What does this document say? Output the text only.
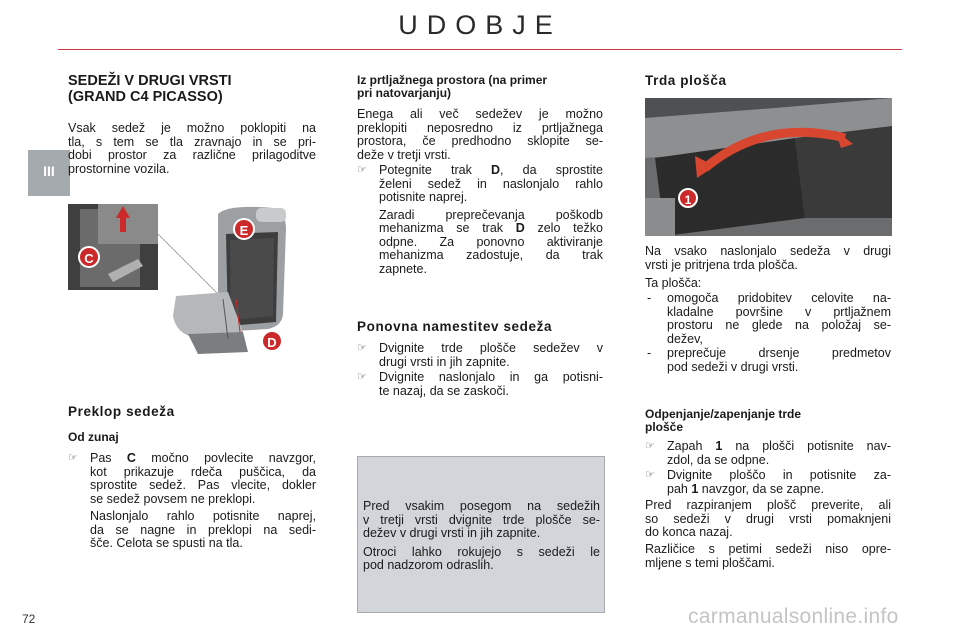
UDOBJE
III
SEDEŽI V DRUGI VRSTI
(GRAND C4 PICASSO)
Vsak sedež je možno poklopiti na
tla, s tem se tla zravnajo in se pri-
dobi prostor za različne prilagoditve
prostornine vozila.
C
E
D
Preklop sedeža
Od zunaj
☞ Pas C močno povlecite navzgor,
kot prikazuje rdeča puščica, da
sprostite sedež. Pas vlecite, dokler
se sedež povsem ne preklopi.
Naslonjalo rahlo potisnite naprej,
da se nagne in preklopi na sedi-
šče. Celota se spusti na tla.
Iz prtljažnega prostora (na primer
pri natovarjanju)
Enega ali več sedežev je možno
preklopiti neposredno iz prtljažnega
prostora, če predhodno sklopite se-
deže v tretji vrsti.
☞ Potegnite trak D, da sprostite
želeni sedež in naslonjalo rahlo
potisnite naprej.
Zaradi preprečevanja poškodb
mehanizma se trak D zelo težko
odpne. Za ponovno aktiviranje
mehanizma zadostuje, da trak
zapnete.
Ponovna namestitev sedeža
☞ Dvignite trde plošče sedežev v
drugi vrsti in jih zapnite.
☞ Dvignite naslonjalo in ga potisni-
te nazaj, da se zaskoči.
Pred vsakim posegom na sedežih
v tretji vrsti dvignite trde plošče se-
dežev v drugi vrsti in jih zapnite.
Otroci lahko rokujejo s sedeži le
pod nadzorom odraslih.
Trda plošča
1
Na vsako naslonjalo sedeža v drugi
vrsti je pritrjena trda plošča.
Ta plošča:
- omogoča pridobitev celovite na-
kladalne površine v prtljažnem
prostoru ne glede na položaj se-
dežev,
- preprečuje drsenje predmetov
pod sedeži v drugi vrsti.
Odpenjanje/zapenjanje trde
plošče
☞ Zapah 1 na plošči potisnite nav-
zdol, da se odpne.
☞ Dvignite ploščo in potisnite za-
pah 1 navzgor, da se zapne.
Pred razpiranjem plošč preverite, ali
so sedeži v drugi vrsti pomaknjeni
do konca nazaj.
Različice s petimi sedeži niso opre-
mljene s temi ploščami.
72	carmanualsonline.info
